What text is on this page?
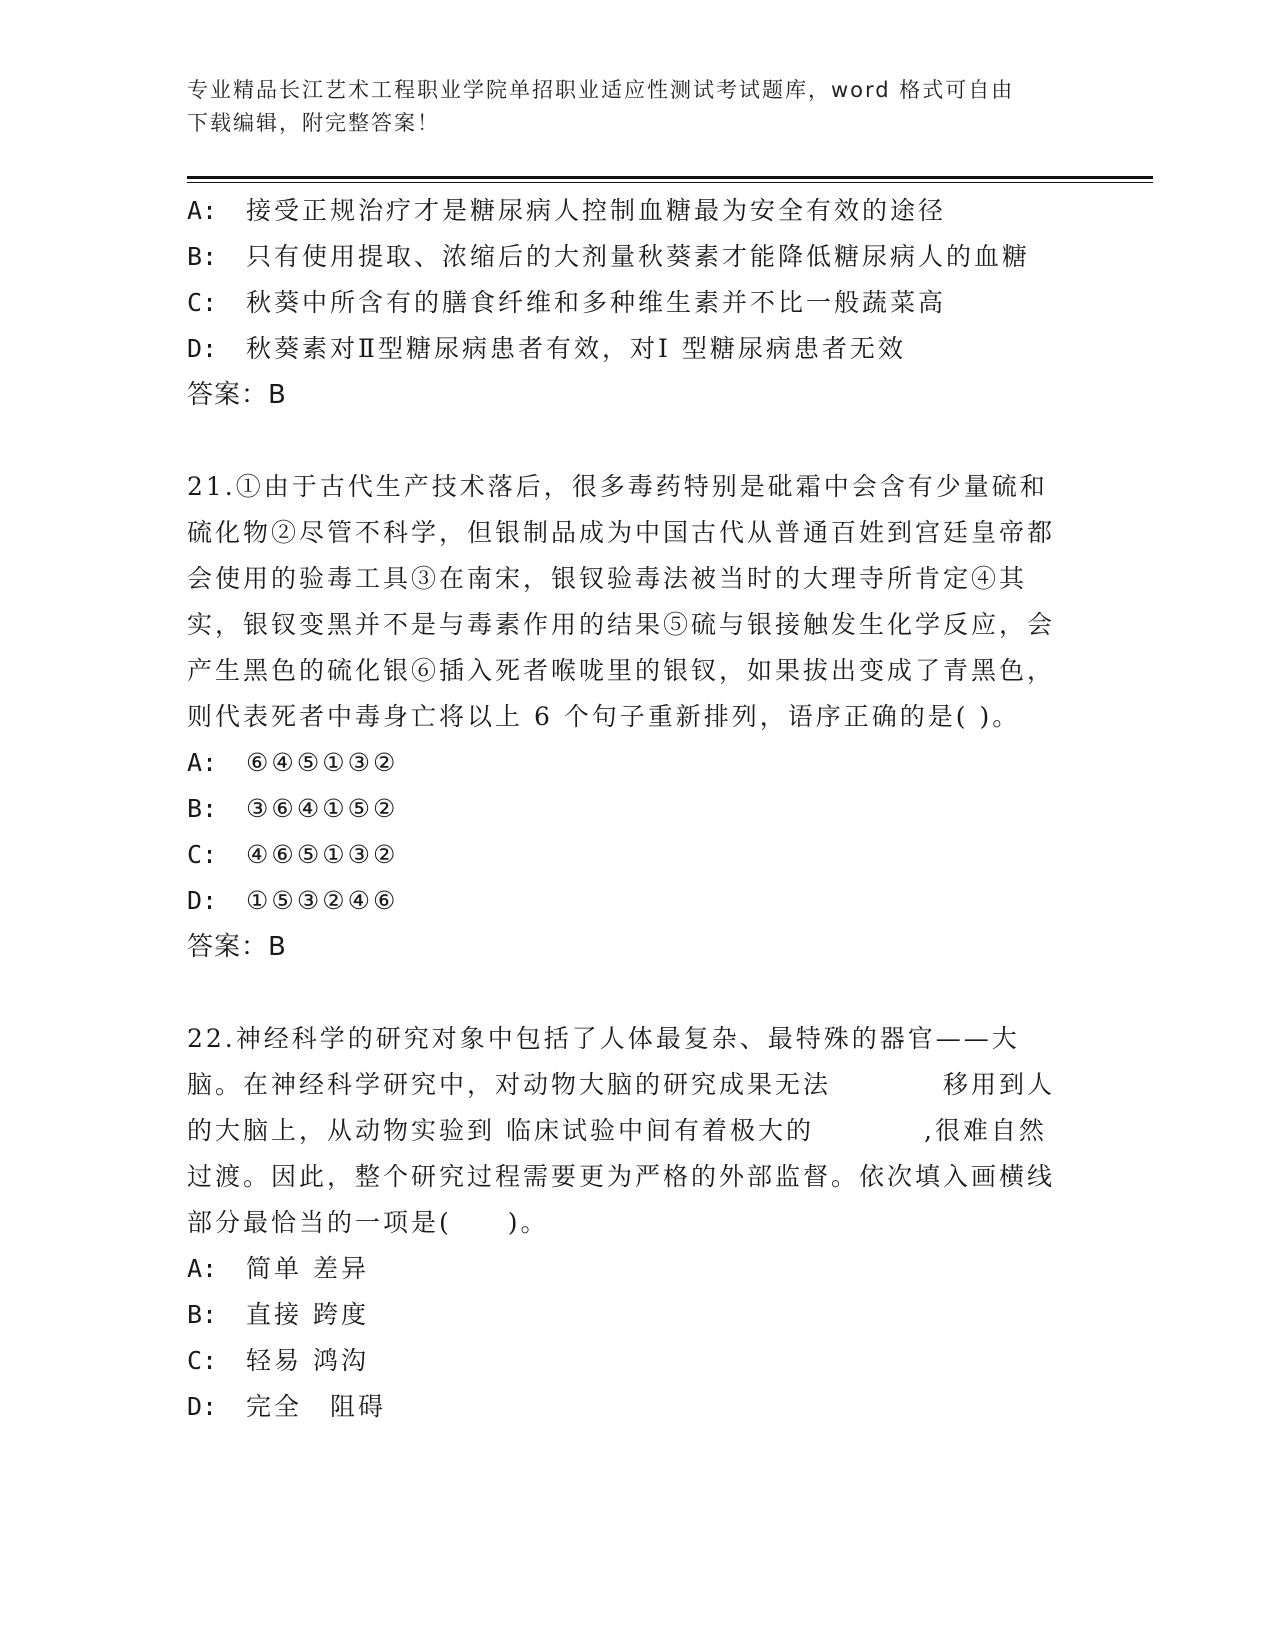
专业精品长江艺术工程职业学院单招职业适应性测试考试题库，word 格式可自由
下载编辑，附完整答案！
A:	接受正规治疗才是糖尿病人控制血糖最为安全有效的途径
B:	只有使用提取、浓缩后的大剂量秋葵素才能降低糖尿病人的血糖
C:	秋葵中所含有的膳食纤维和多种维生素并不比一般蔬菜高
D:	秋葵素对Ⅱ型糖尿病患者有效，对Ⅰ 型糖尿病患者无效
答案：B
21.①由于古代生产技术落后，很多毒药特别是砒霜中会含有少量硫和硫化物②尽管不科学，但银制品成为中国古代从普通百姓到宫廷皇帝都会使用的验毒工具③在南宋，银钗验毒法被当时的大理寺所肯定④其实，银钗变黑并不是与毒素作用的结果⑤硫与银接触发生化学反应，会产生黑色的硫化银⑥插入死者喉咙里的银钗，如果拔出变成了青黑色，则代表死者中毒身亡将以上 6 个句子重新排列，语序正确的是( )。
A:	⑥④⑤①③②
B:	③⑥④①⑤②
C:	④⑥⑤①③②
D:	①⑤③②④⑥
答案：B
22.神经科学的研究对象中包括了人体最复杂、最特殊的器官——大脑。在神经科学研究中，对动物大脑的研究成果无法	移用到人的大脑上，从动物实验到 临床试验中间有着极大的	,很难自然过渡。因此，整个研究过程需要更为严格的外部监督。依次填入画横线部分最恰当的一项是(　　)。
A:	简单 差异
B:	直接 跨度
C:	轻易 鸿沟
D:	完全　阻碍
